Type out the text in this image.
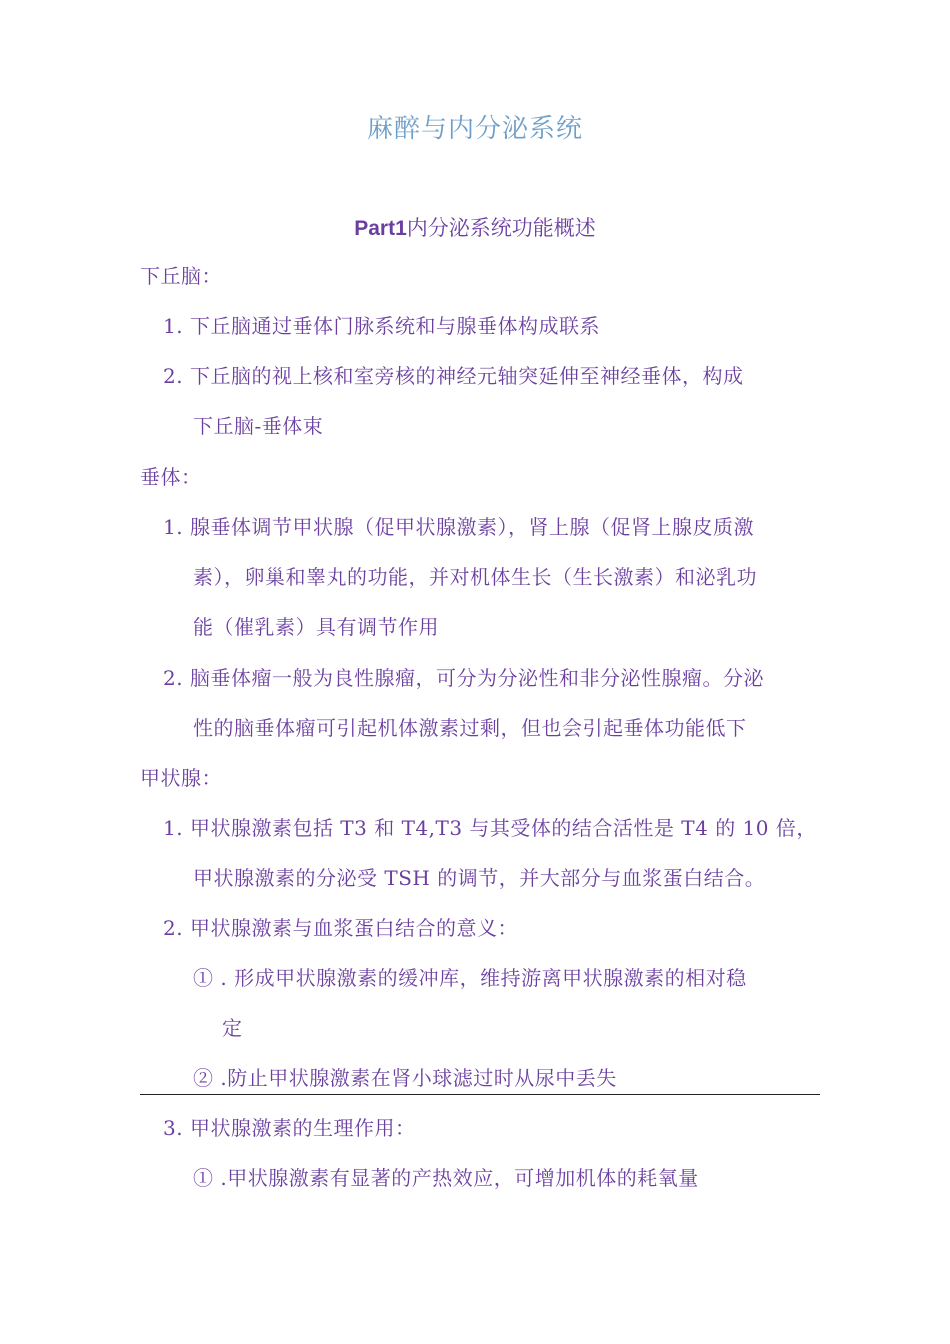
麻醉与内分泌系统
Part1内分泌系统功能概述
下丘脑：
1. 下丘脑通过垂体门脉系统和与腺垂体构成联系
2. 下丘脑的视上核和室旁核的神经元轴突延伸至神经垂体，构成
下丘脑-垂体束
垂体：
1. 腺垂体调节甲状腺（促甲状腺激素），肾上腺（促肾上腺皮质激
素），卵巢和睾丸的功能，并对机体生长（生长激素）和泌乳功
能（催乳素）具有调节作用
2. 脑垂体瘤一般为良性腺瘤，可分为分泌性和非分泌性腺瘤。分泌
性的脑垂体瘤可引起机体激素过剩，但也会引起垂体功能低下
甲状腺：
1. 甲状腺激素包括 T3 和 T4,T3 与其受体的结合活性是 T4 的 10 倍，
甲状腺激素的分泌受 TSH 的调节，并大部分与血浆蛋白结合。
2. 甲状腺激素与血浆蛋白结合的意义：
① . 形成甲状腺激素的缓冲库，维持游离甲状腺激素的相对稳
定
② .防止甲状腺激素在肾小球滤过时从尿中丢失
3. 甲状腺激素的生理作用：
① .甲状腺激素有显著的产热效应，可增加机体的耗氧量
